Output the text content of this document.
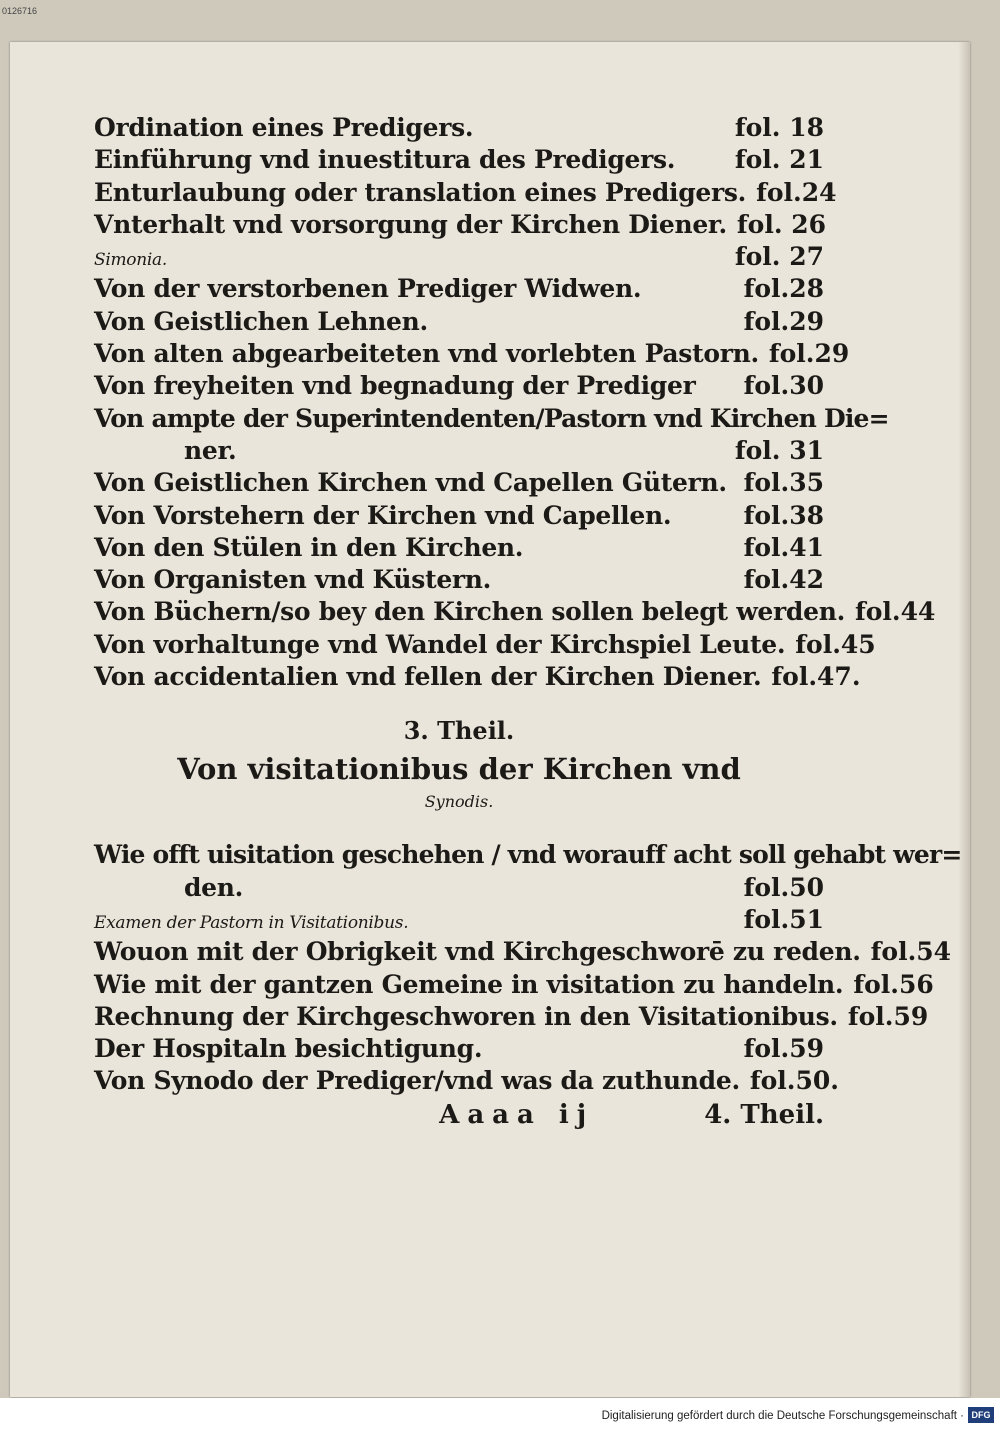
0126716
Ordination eines Predigers.	fol. 18
Einführung vnd inuestitura des Predigers.	fol. 21
Enturlaubung oder translation eines Predigers. fol.24
Vnterhalt vnd vorsorgung der Kirchen Diener. fol. 26
Simonia.	fol. 27
Von der verstorbenen Prediger Widwen.	fol.28
Von Geistlichen Lehnen.	fol.29
Von alten abgearbeiteten vnd vorlebten Pastorn. fol.29
Von freyheiten vnd begnadung der Prediger	fol.30
Von ampte der Superintendenten/Pastorn vnd Kirchen Die=
ner.	fol. 31
Von Geistlichen Kirchen vnd Capellen Gütern. fol.35
Von Vorstehern der Kirchen vnd Capellen.	fol.38
Von den Stülen in den Kirchen.	fol.41
Von Organisten vnd Küstern.	fol.42
Von Büchern/so bey den Kirchen sollen belegt werden. fol.44
Von vorhaltunge vnd Wandel der Kirchspiel Leute. fol.45
Von accidentalien vnd fellen der Kirchen Diener. fol.47.
3. Theil.
Von visitationibus der Kirchen vnd
Synodis.
Wie offt uisitation geschehen / vnd worauff acht soll gehabt wer=
den.	fol.50
Examen der Pastorn in Visitationibus.	fol.51
Wouon mit der Obrigkeit vnd Kirchgeschworē zu reden. fol.54
Wie mit der gantzen Gemeine in visitation zu handeln. fol.56
Rechnung der Kirchgeschworen in den Visitationibus. fol.59
Der Hospitaln besichtigung.	fol.59
Von Synodo der Prediger/vnd was da zuthunde. fol.50.
Aaaa ij	4. Theil.
Digitalisierung gefördert durch die Deutsche Forschungsgemeinschaft · DFG
